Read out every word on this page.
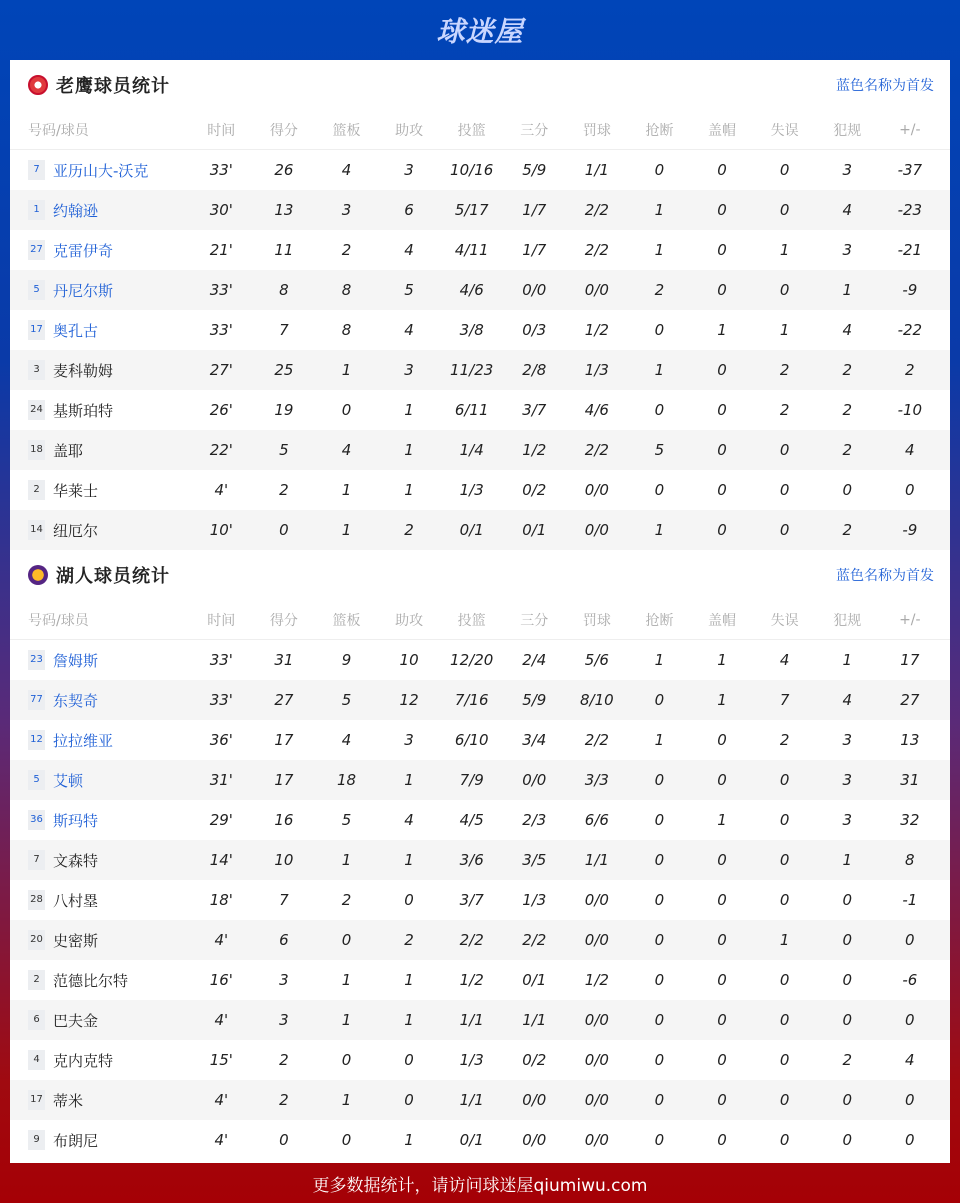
球迷屋
老鹰球员统计	蓝色名称为首发
号码/球员	时间	得分	篮板	助攻	投篮	三分	罚球	抢断	盖帽	失误	犯规	+/-
7 亚历山大-沃克	33'	26	4	3	10/16	5/9	1/1	0	0	0	3	-37
1 约翰逊	30'	13	3	6	5/17	1/7	2/2	1	0	0	4	-23
27 克雷伊奇	21'	11	2	4	4/11	1/7	2/2	1	0	1	3	-21
5 丹尼尔斯	33'	8	8	5	4/6	0/0	0/0	2	0	0	1	-9
17 奥孔古	33'	7	8	4	3/8	0/3	1/2	0	1	1	4	-22
3 麦科勒姆	27'	25	1	3	11/23	2/8	1/3	1	0	2	2	2
24 基斯珀特	26'	19	0	1	6/11	3/7	4/6	0	0	2	2	-10
18 盖耶	22'	5	4	1	1/4	1/2	2/2	5	0	0	2	4
2 华莱士	4'	2	1	1	1/3	0/2	0/0	0	0	0	0	0
14 纽厄尔	10'	0	1	2	0/1	0/1	0/0	1	0	0	2	-9
湖人球员统计	蓝色名称为首发
号码/球员	时间	得分	篮板	助攻	投篮	三分	罚球	抢断	盖帽	失误	犯规	+/-
23 詹姆斯	33'	31	9	10	12/20	2/4	5/6	1	1	4	1	17
77 东契奇	33'	27	5	12	7/16	5/9	8/10	0	1	7	4	27
12 拉拉维亚	36'	17	4	3	6/10	3/4	2/2	1	0	2	3	13
5 艾顿	31'	17	18	1	7/9	0/0	3/3	0	0	0	3	31
36 斯玛特	29'	16	5	4	4/5	2/3	6/6	0	1	0	3	32
7 文森特	14'	10	1	1	3/6	3/5	1/1	0	0	0	1	8
28 八村塁	18'	7	2	0	3/7	1/3	0/0	0	0	0	0	-1
20 史密斯	4'	6	0	2	2/2	2/2	0/0	0	0	1	0	0
2 范德比尔特	16'	3	1	1	1/2	0/1	1/2	0	0	0	0	-6
6 巴夫金	4'	3	1	1	1/1	1/1	0/0	0	0	0	0	0
4 克内克特	15'	2	0	0	1/3	0/2	0/0	0	0	0	2	4
17 蒂米	4'	2	1	0	1/1	0/0	0/0	0	0	0	0	0
9 布朗尼	4'	0	0	1	0/1	0/0	0/0	0	0	0	0	0
更多数据统计，请访问球迷屋qiumiwu.com
